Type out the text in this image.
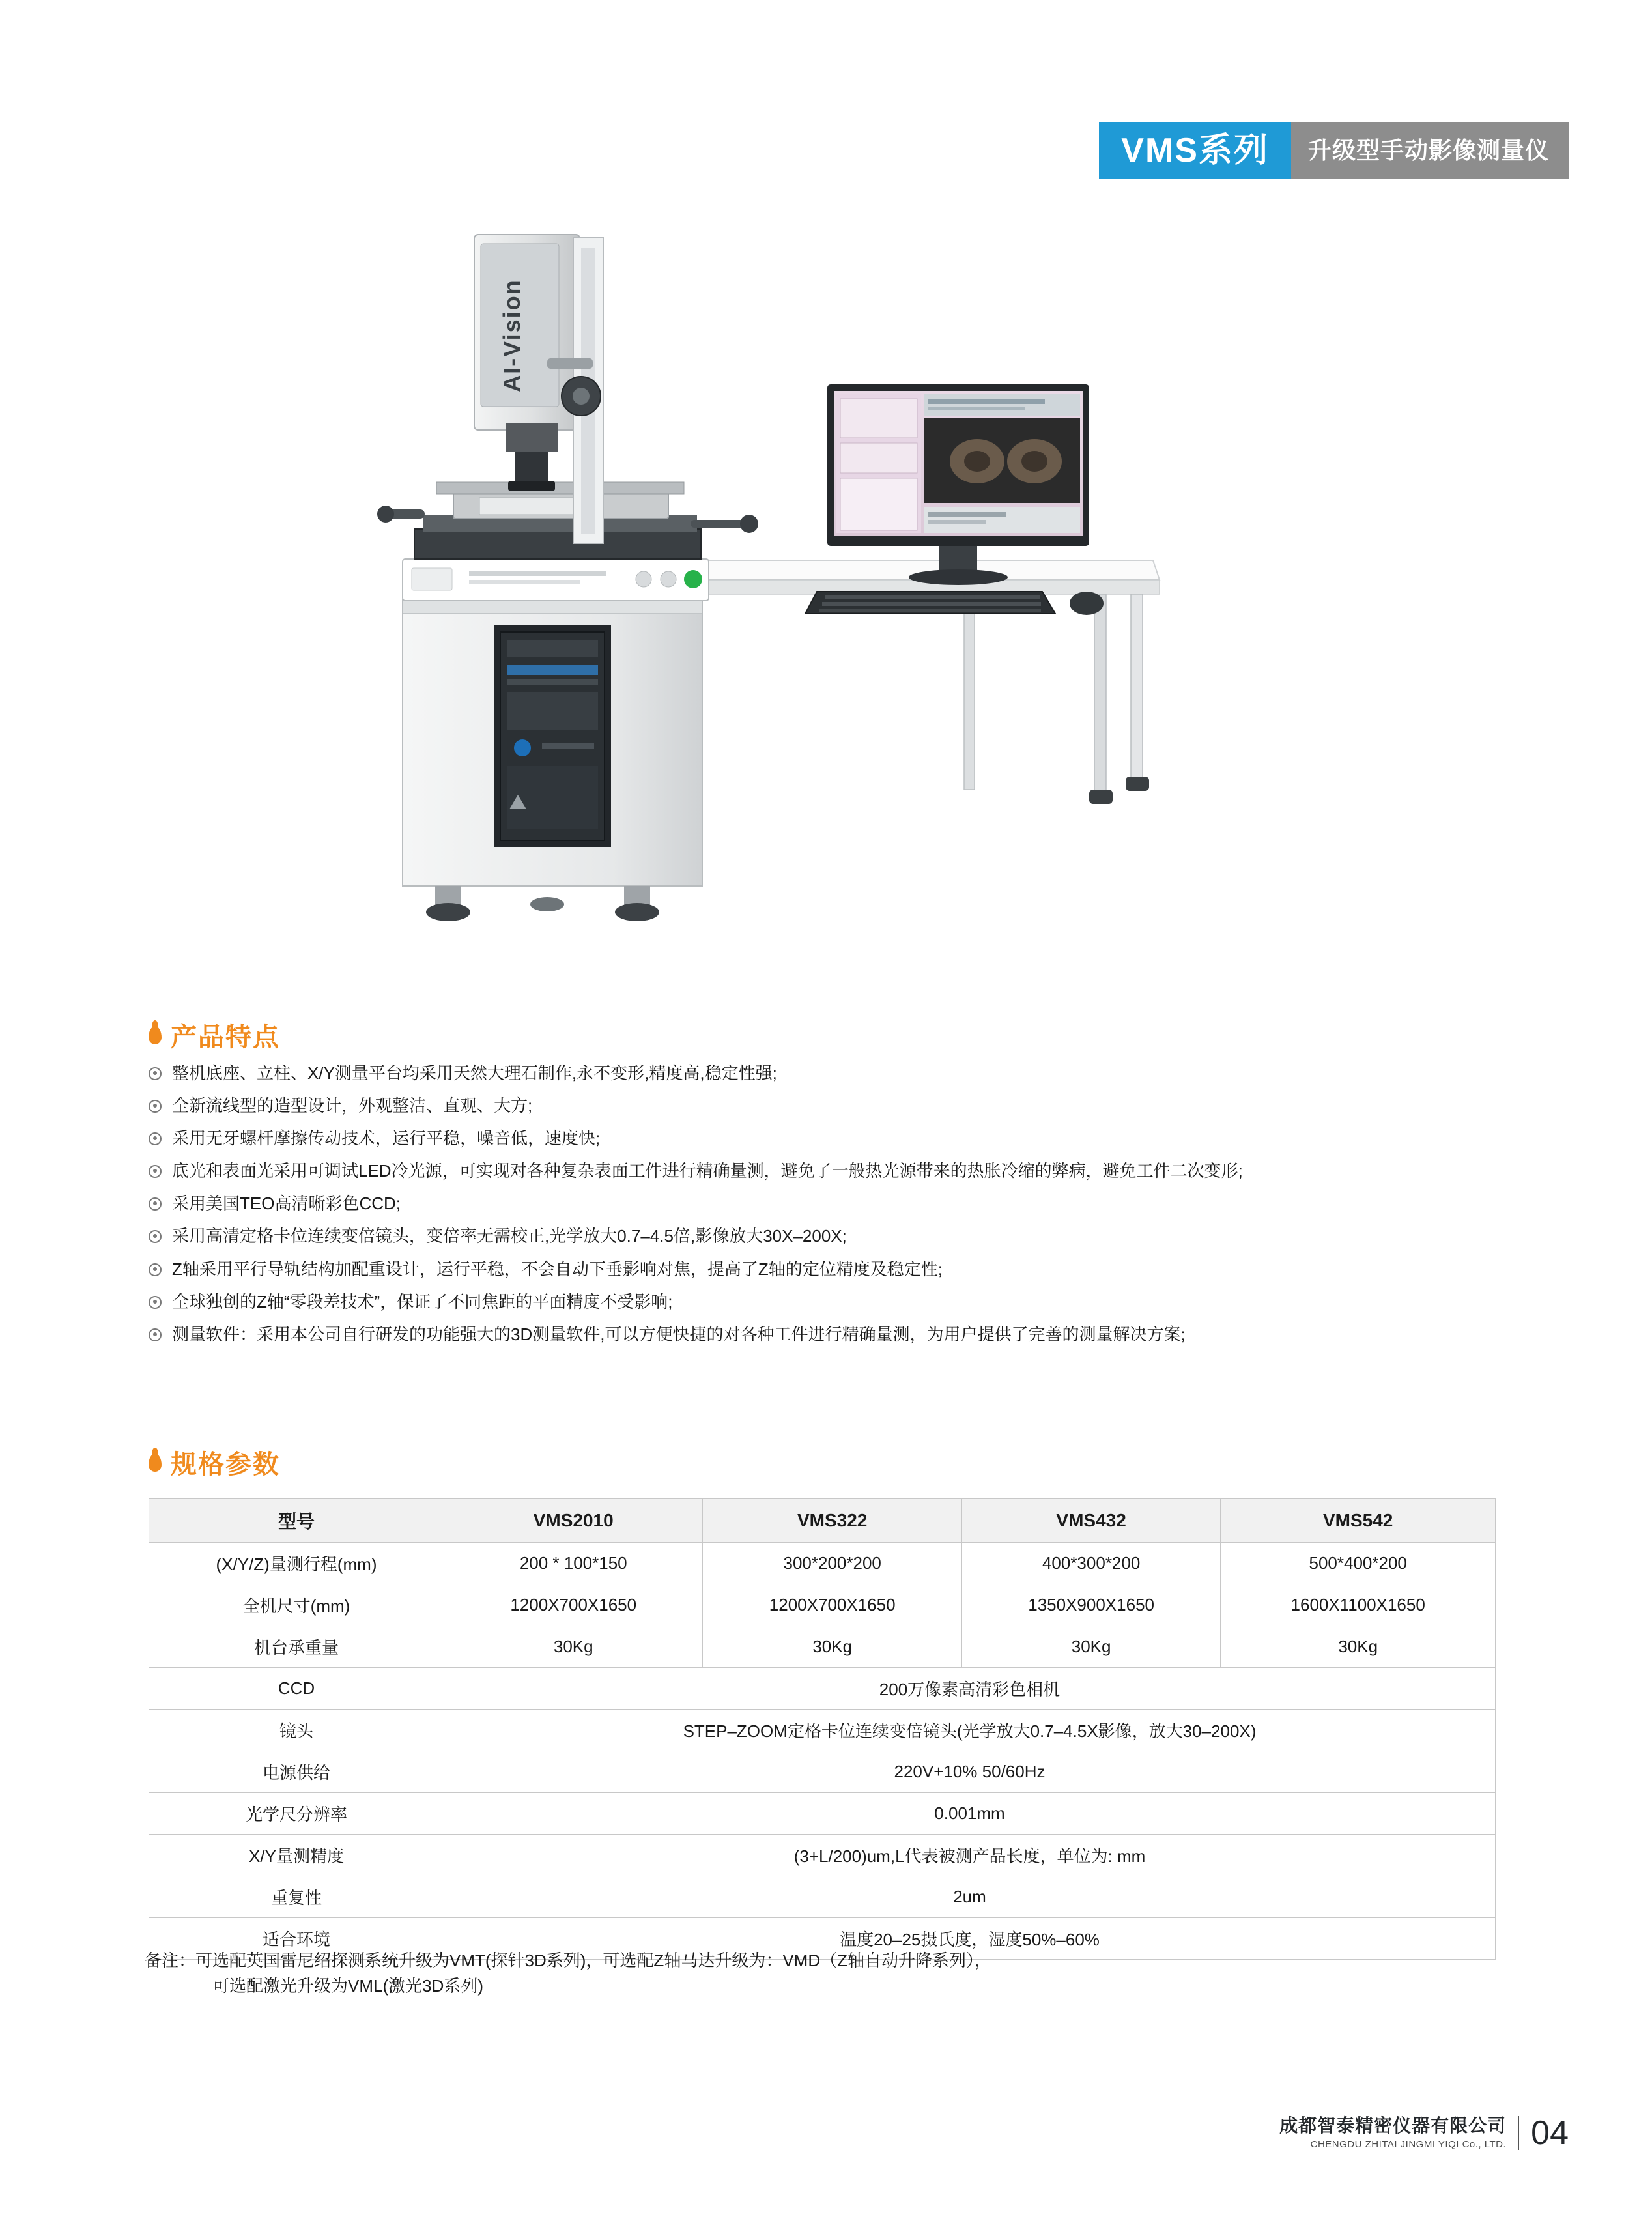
VMS系列	升级型手动影像测量仪
AI-Vision
产品特点
整机底座、立柱、X/Y测量平台均采用天然大理石制作,永不变形,精度高,稳定性强;
全新流线型的造型设计，外观整洁、直观、大方;
采用无牙螺杆摩擦传动技术，运行平稳，噪音低，速度快;
底光和表面光采用可调试LED冷光源，可实现对各种复杂表面工件进行精确量测，避免了一般热光源带来的热胀冷缩的弊病，避免工件二次变形;
采用美国TEO高清晰彩色CCD;
采用高清定格卡位连续变倍镜头，变倍率无需校正,光学放大0.7–4.5倍,影像放大30X–200X;
Z轴采用平行导轨结构加配重设计，运行平稳，不会自动下垂影响对焦，提高了Z轴的定位精度及稳定性;
全球独创的Z轴“零段差技术”，保证了不同焦距的平面精度不受影响;
测量软件：采用本公司自行研发的功能强大的3D测量软件,可以方便快捷的对各种工件进行精确量测，为用户提供了完善的测量解决方案;
规格参数
型号	VMS2010	VMS322	VMS432	VMS542
(X/Y/Z)量测行程(mm)	200 * 100*150	300*200*200	400*300*200	500*400*200
全机尺寸(mm)	1200X700X1650	1200X700X1650	1350X900X1650	1600X1100X1650
机台承重量	30Kg	30Kg	30Kg	30Kg
CCD	200万像素高清彩色相机			
镜头	STEP–ZOOM定格卡位连续变倍镜头(光学放大0.7–4.5X影像，放大30–200X)			
电源供给	220V+10% 50/60Hz			
光学尺分辨率	0.001mm			
X/Y量测精度	(3+L/200)um,L代表被测产品长度，单位为: mm			
重复性	2um			
适合环境	温度20–25摄氏度，湿度50%–60%			
备注：可选配英国雷尼绍探测系统升级为VMT(探针3D系列)，可选配Z轴马达升级为：VMD（Z轴自动升降系列），
可选配激光升级为VML(激光3D系列)
成都智泰精密仪器有限公司
CHENGDU ZHITAI JINGMI YIQI Co., LTD. 04
